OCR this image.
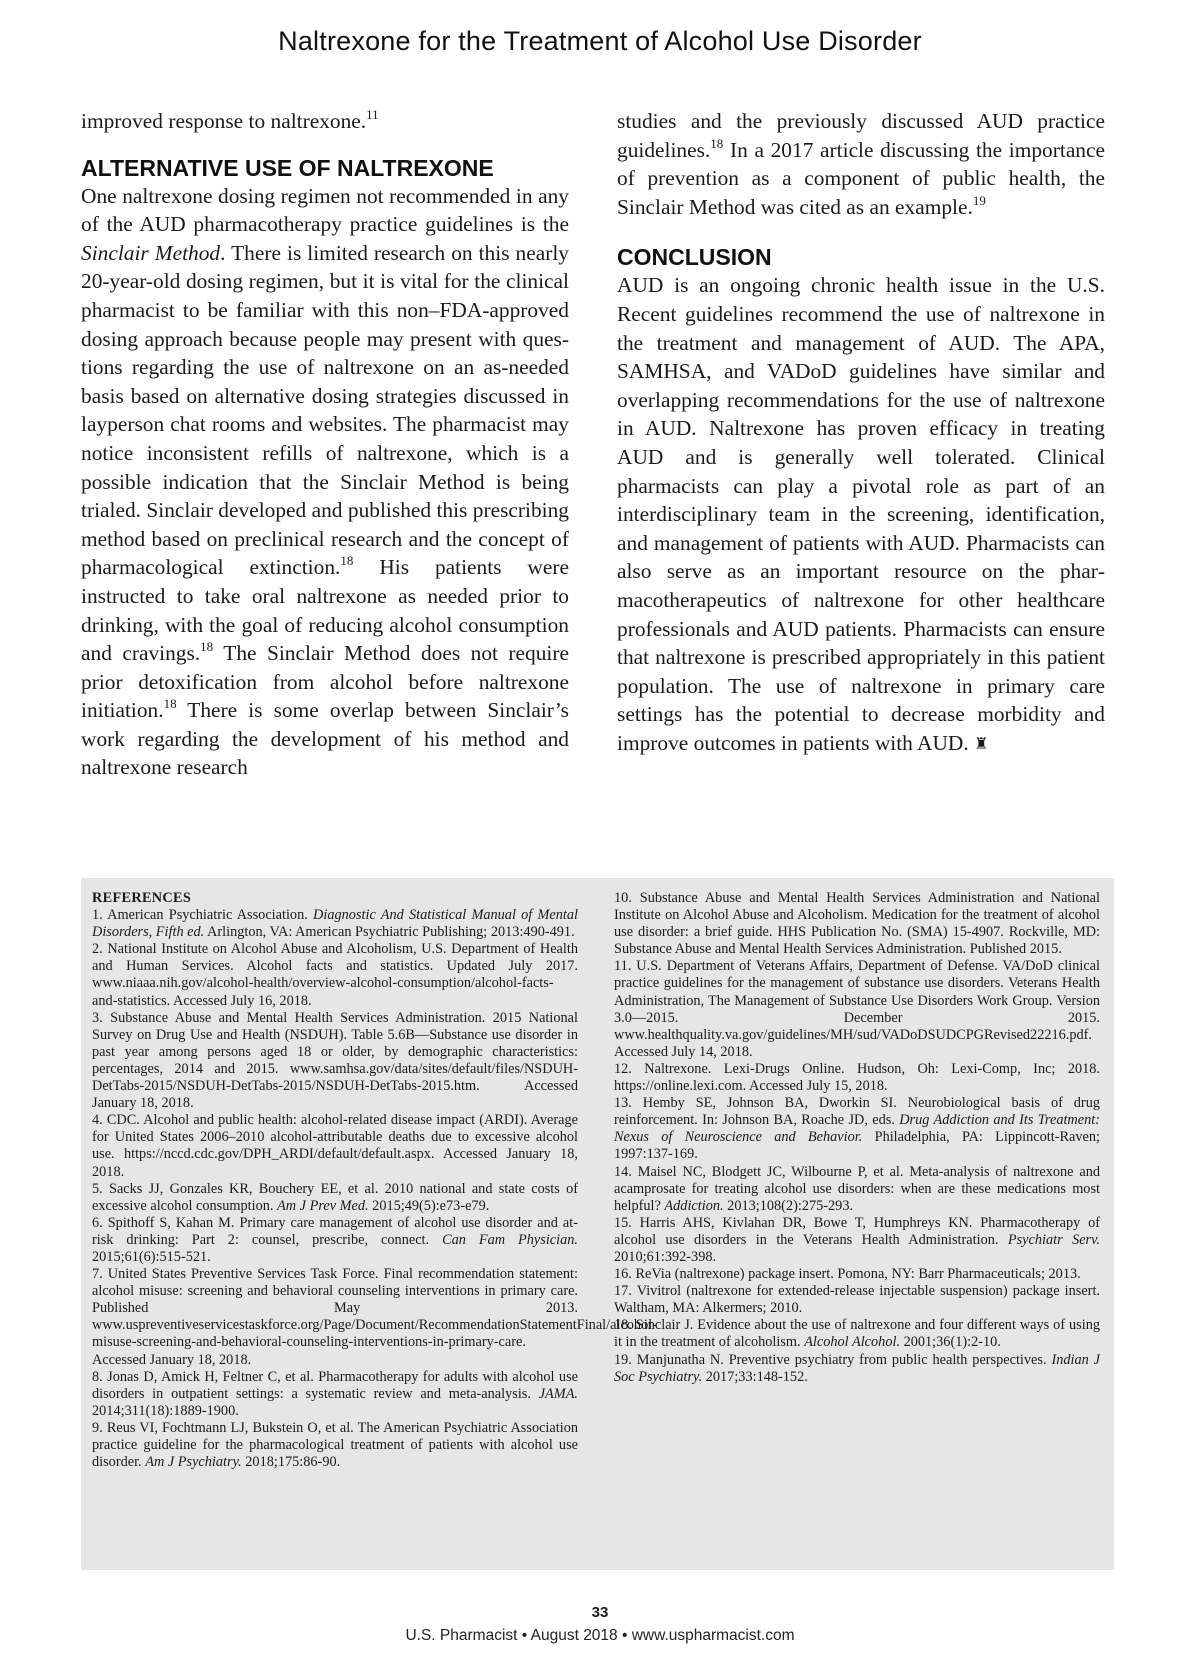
Naltrexone for the Treatment of Alcohol Use Disorder

improved response to naltrexone.$^{11}$

ALTERNATIVE USE OF NALTREXONE

One naltrexone dosing regimen not recommended in any of the AUD pharmacotherapy practice guidelines is the Sinclair Method. There is limited research on this nearly 20-year-old dosing regimen, but it is vital for the clinical pharmacist to be familiar with this non–FDA-approved dosing approach because people may present with questions regarding the use of naltrexone on an as-needed basis based on alternative dosing strategies discussed in layperson chat rooms and websites. The pharmacist may notice inconsistent refills of naltrexone, which is a possible indication that the Sinclair Method is being trialed. Sinclair developed and published this prescribing method based on preclinical research and the concept of pharmacological extinction.$^{18}$ His patients were instructed to take oral naltrexone as needed prior to drinking, with the goal of reducing alcohol consumption and cravings.$^{18}$ The Sinclair Method does not require prior detoxification from alcohol before naltrexone initiation.$^{18}$ There is some overlap between Sinclair’s work regarding the development of his method and naltrexone research

studies and the previously discussed AUD practice guidelines.$^{18}$ In a 2017 article discussing the importance of prevention as a component of public health, the Sinclair Method was cited as an example.$^{19}$

CONCLUSION

AUD is an ongoing chronic health issue in the U.S. Recent guidelines recommend the use of naltrexone in the treatment and management of AUD. The APA, SAMHSA, and VADoD guidelines have similar and overlapping recommendations for the use of naltrexone in AUD. Naltrexone has proven efficacy in treating AUD and is generally well tolerated. Clinical pharmacists can play a pivotal role as part of an interdisciplinary team in the screening, identification, and management of patients with AUD. Pharmacists can also serve as an important resource on the pharmacotherapeutics of naltrexone for other healthcare professionals and AUD patients. Pharmacists can ensure that naltrexone is prescribed appropriately in this patient population. The use of naltrexone in primary care settings has the potential to decrease morbidity and improve outcomes in patients with AUD. ♜

REFERENCES
1. American Psychiatric Association. Diagnostic And Statistical Manual of Mental Disorders, Fifth ed. Arlington, VA: American Psychiatric Publishing; 2013:490-491.
2. National Institute on Alcohol Abuse and Alcoholism, U.S. Department of Health and Human Services. Alcohol facts and statistics. Updated July 2017. www.niaaa.nih.gov/alcohol-health/overview-alcohol-consumption/alcohol-facts-and-statistics. Accessed July 16, 2018.
3. Substance Abuse and Mental Health Services Administration. 2015 National Survey on Drug Use and Health (NSDUH). Table 5.6B—Substance use disorder in past year among persons aged 18 or older, by demographic characteristics: percentages, 2014 and 2015. www.samhsa.gov/data/sites/default/files/NSDUH-DetTabs-2015/NSDUH-DetTabs-2015/NSDUH-DetTabs-2015.htm. Accessed January 18, 2018.
4. CDC. Alcohol and public health: alcohol-related disease impact (ARDI). Average for United States 2006–2010 alcohol-attributable deaths due to excessive alcohol use. https://nccd.cdc.gov/DPH_ARDI/default/default.aspx. Accessed January 18, 2018.
5. Sacks JJ, Gonzales KR, Bouchery EE, et al. 2010 national and state costs of excessive alcohol consumption. Am J Prev Med. 2015;49(5):e73-e79.
6. Spithoff S, Kahan M. Primary care management of alcohol use disorder and at-risk drinking: Part 2: counsel, prescribe, connect. Can Fam Physician. 2015;61(6):515-521.
7. United States Preventive Services Task Force. Final recommendation statement: alcohol misuse: screening and behavioral counseling interventions in primary care. Published May 2013. www.uspreventiveservicestaskforce.org/Page/Document/RecommendationStatementFinal/alcohol-misuse-screening-and-behavioral-counseling-interventions-in-primary-care. Accessed January 18, 2018.
8. Jonas D, Amick H, Feltner C, et al. Pharmacotherapy for adults with alcohol use disorders in outpatient settings: a systematic review and meta-analysis. JAMA. 2014;311(18):1889-1900.
9. Reus VI, Fochtmann LJ, Bukstein O, et al. The American Psychiatric Association practice guideline for the pharmacological treatment of patients with alcohol use disorder. Am J Psychiatry. 2018;175:86-90.
10. Substance Abuse and Mental Health Services Administration and National Institute on Alcohol Abuse and Alcoholism. Medication for the treatment of alcohol use disorder: a brief guide. HHS Publication No. (SMA) 15-4907. Rockville, MD: Substance Abuse and Mental Health Services Administration. Published 2015.
11. U.S. Department of Veterans Affairs, Department of Defense. VA/DoD clinical practice guidelines for the management of substance use disorders. Veterans Health Administration, The Management of Substance Use Disorders Work Group. Version 3.0—2015. December 2015. www.healthquality.va.gov/guidelines/MH/sud/VADoDSUDCPGRevised22216.pdf. Accessed July 14, 2018.
12. Naltrexone. Lexi-Drugs Online. Hudson, Oh: Lexi-Comp, Inc; 2018. https://online.lexi.com. Accessed July 15, 2018.
13. Hemby SE, Johnson BA, Dworkin SI. Neurobiological basis of drug reinforcement. In: Johnson BA, Roache JD, eds. Drug Addiction and Its Treatment: Nexus of Neuroscience and Behavior. Philadelphia, PA: Lippincott-Raven; 1997:137-169.
14. Maisel NC, Blodgett JC, Wilbourne P, et al. Meta-analysis of naltrexone and acamprosate for treating alcohol use disorders: when are these medications most helpful? Addiction. 2013;108(2):275-293.
15. Harris AHS, Kivlahan DR, Bowe T, Humphreys KN. Pharmacotherapy of alcohol use disorders in the Veterans Health Administration. Psychiatr Serv. 2010;61:392-398.
16. ReVia (naltrexone) package insert. Pomona, NY: Barr Pharmaceuticals; 2013.
17. Vivitrol (naltrexone for extended-release injectable suspension) package insert. Waltham, MA: Alkermers; 2010.
18. Sinclair J. Evidence about the use of naltrexone and four different ways of using it in the treatment of alcoholism. Alcohol Alcohol. 2001;36(1):2-10.
19. Manjunatha N. Preventive psychiatry from public health perspectives. Indian J Soc Psychiatry. 2017;33:148-152.
33
U.S. Pharmacist • August 2018 • www.uspharmacist.com
